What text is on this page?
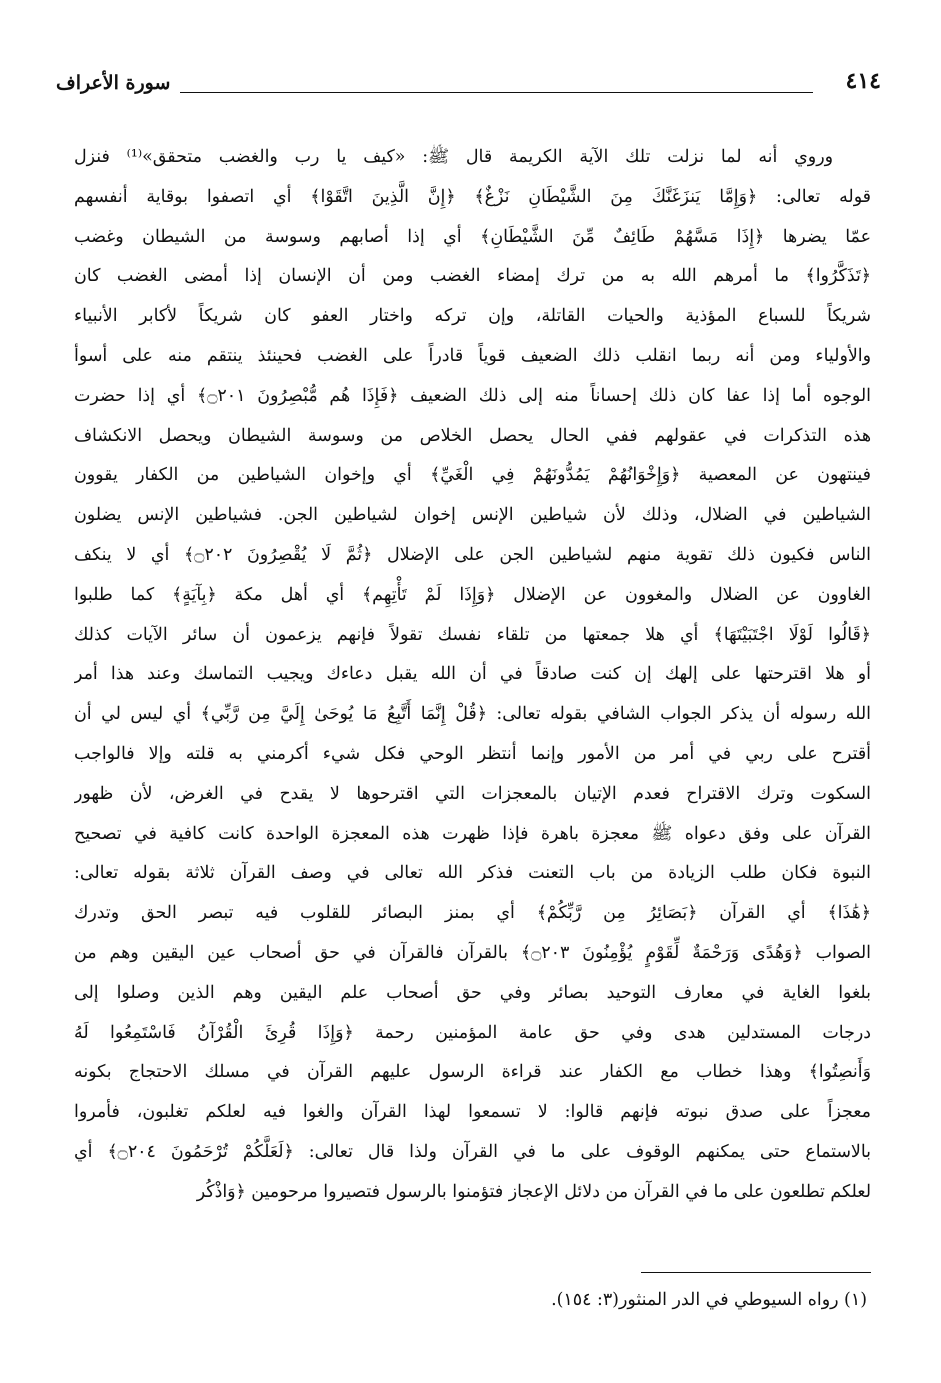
سورة الأعراف	٤١٤
وروي أنه لما نزلت تلك الآية الكريمة قال ﷺ: «كيف يا رب والغضب متحقق»⁽¹⁾ فنزل
قوله تعالى: ﴿وَإِمَّا يَنزَغَنَّكَ مِنَ الشَّيْطَانِ نَزْغٌ﴾ ﴿إِنَّ الَّذِينَ اتَّقَوْا﴾ أي اتصفوا بوقاية أنفسهم
عمّا يضرها ﴿إِذَا مَسَّهُمْ طَائِفٌ مِّنَ الشَّيْطَانِ﴾ أي إذا أصابهم وسوسة من الشيطان وغضب
﴿تَذَكَّرُوا﴾ ما أمرهم الله به من ترك إمضاء الغضب ومن أن الإنسان إذا أمضى الغضب كان
شريكاً للسباع المؤذية والحيات القاتلة، وإن تركه واختار العفو كان شريكاً لأكابر الأنبياء
والأولياء ومن أنه ربما انقلب ذلك الضعيف قوياً قادراً على الغضب فحينئذ ينتقم منه على أسوأ
الوجوه أما إذا عفا كان ذلك إحساناً منه إلى ذلك الضعيف ﴿فَإِذَا هُم مُّبْصِرُونَ ۝٢٠١﴾ أي إذا حضرت
هذه التذكرات في عقولهم ففي الحال يحصل الخلاص من وسوسة الشيطان ويحصل الانكشاف
فينتهون عن المعصية ﴿وَإِخْوَانُهُمْ يَمُدُّونَهُمْ فِي الْغَيِّ﴾ أي وإخوان الشياطين من الكفار يقوون
الشياطين في الضلال، وذلك لأن شياطين الإنس إخوان لشياطين الجن. فشياطين الإنس يضلون
الناس فكيون ذلك تقوية منهم لشياطين الجن على الإضلال ﴿ثُمَّ لَا يُقْصِرُونَ ۝٢٠٢﴾ أي لا ينكف
الغاوون عن الضلال والمغوون عن الإضلال ﴿وَإِذَا لَمْ تَأْتِهِم﴾ أي أهل مكة ﴿بِآيَةٍ﴾ كما طلبوا
﴿قَالُوا لَوْلَا اجْتَبَيْتَهَا﴾ أي هلا جمعتها من تلقاء نفسك تقولاً فإنهم يزعمون أن سائر الآيات كذلك
أو هلا اقترحتها على إلهك إن كنت صادقاً في أن الله يقبل دعاءك ويجيب التماسك وعند هذا أمر
الله رسوله أن يذكر الجواب الشافي بقوله تعالى: ﴿قُلْ إِنَّمَا أَتَّبِعُ مَا يُوحَىٰ إِلَيَّ مِن رَّبِّي﴾ أي ليس لي أن
أقترح على ربي في أمر من الأمور وإنما أنتظر الوحي فكل شيء أكرمني به قلته وإلا فالواجب
السكوت وترك الاقتراح فعدم الإتيان بالمعجزات التي اقترحوها لا يقدح في الغرض، لأن ظهور
القرآن على وفق دعواه ﷺ معجزة باهرة فإذا ظهرت هذه المعجزة الواحدة كانت كافية في تصحيح
النبوة فكان طلب الزيادة من باب التعنت فذكر الله تعالى في وصف القرآن ثلاثة بقوله تعالى:
﴿هَٰذَا﴾ أي القرآن ﴿بَصَائِرُ مِن رَّبِّكُمْ﴾ أي بمنز البصائر للقلوب فيه تبصر الحق وتدرك
الصواب ﴿وَهُدًى وَرَحْمَةٌ لِّقَوْمٍ يُؤْمِنُونَ ۝٢٠٣﴾ بالقرآن فالقرآن في حق أصحاب عين اليقين وهم من
بلغوا الغاية في معارف التوحيد بصائر وفي حق أصحاب علم اليقين وهم الذين وصلوا إلى
درجات المستدلين هدى وفي حق عامة المؤمنين رحمة ﴿وَإِذَا قُرِئَ الْقُرْآنُ فَاسْتَمِعُوا لَهُ
وَأَنصِتُوا﴾ وهذا خطاب مع الكفار عند قراءة الرسول عليهم القرآن في مسلك الاحتجاج بكونه
معجزاً على صدق نبوته فإنهم قالوا: لا تسمعوا لهذا القرآن والغوا فيه لعلكم تغلبون، فأمروا
بالاستماع حتى يمكنهم الوقوف على ما في القرآن ولذا قال تعالى: ﴿لَعَلَّكُمْ تُرْحَمُونَ ۝٢٠٤﴾ أي
لعلكم تطلعون على ما في القرآن من دلائل الإعجاز فتؤمنوا بالرسول فتصيروا مرحومين ﴿وَاذْكُر
(١) رواه السيوطي في الدر المنثور(٣: ١٥٤).
